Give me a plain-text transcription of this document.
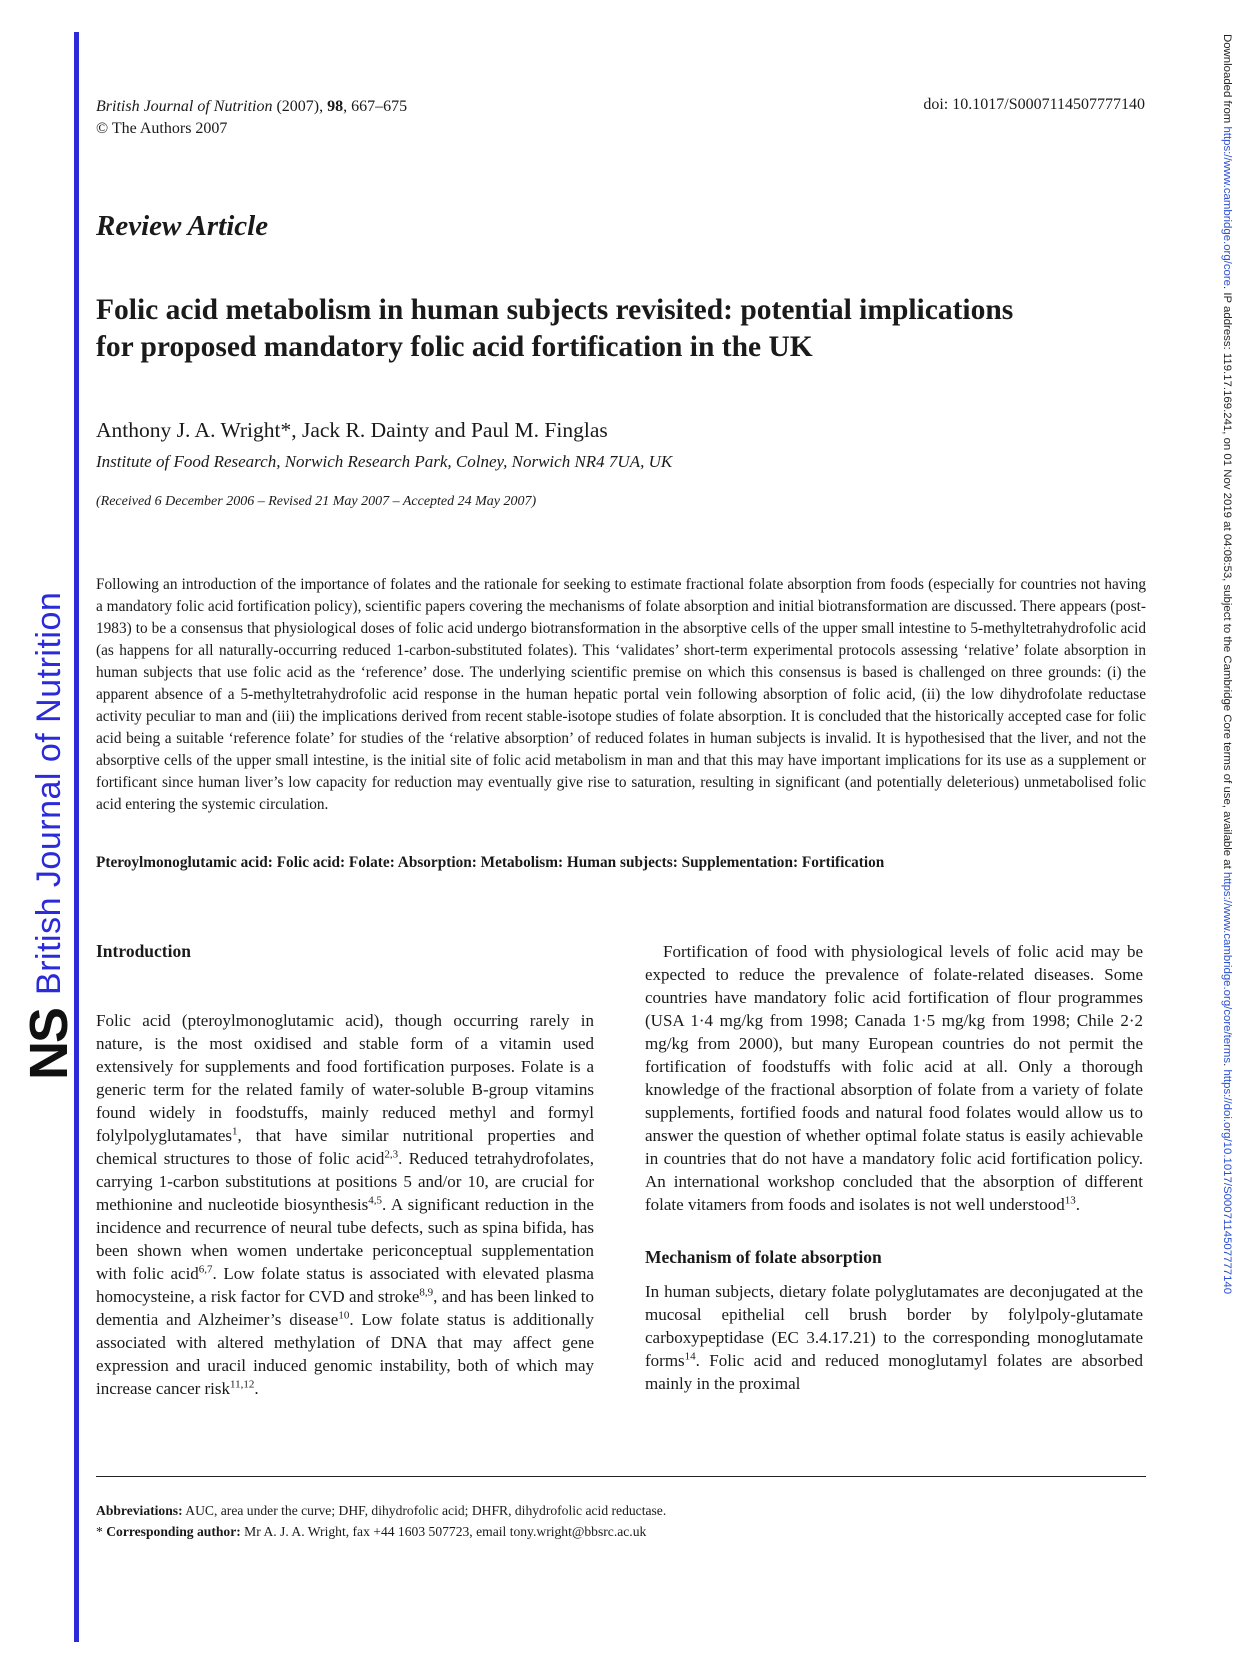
NS
British Journal of Nutrition
Downloaded from https://www.cambridge.org/core. IP address: 119.17.169.241, on 01 Nov 2019 at 04:08:53, subject to the Cambridge Core terms of use, available at https://www.cambridge.org/core/terms. https://doi.org/10.1017/S0007114507777140
British Journal of Nutrition (2007), 98, 667–675
© The Authors 2007
doi: 10.1017/S0007114507777140
Review Article
Folic acid metabolism in human subjects revisited: potential implications
for proposed mandatory folic acid fortification in the UK
Anthony J. A. Wright*, Jack R. Dainty and Paul M. Finglas
Institute of Food Research, Norwich Research Park, Colney, Norwich NR4 7UA, UK
(Received 6 December 2006 – Revised 21 May 2007 – Accepted 24 May 2007)
Following an introduction of the importance of folates and the rationale for seeking to estimate fractional folate absorption from foods (especially for countries not having a mandatory folic acid fortification policy), scientific papers covering the mechanisms of folate absorption and initial biotransformation are discussed. There appears (post-1983) to be a consensus that physiological doses of folic acid undergo biotransformation in the absorptive cells of the upper small intestine to 5-methyltetrahydrofolic acid (as happens for all naturally-occurring reduced 1-carbon-substituted folates). This ‘validates’ short-term experimental protocols assessing ‘relative’ folate absorption in human subjects that use folic acid as the ‘reference’ dose. The underlying scientific premise on which this consensus is based is challenged on three grounds: (i) the apparent absence of a 5-methyltetrahydrofolic acid response in the human hepatic portal vein following absorption of folic acid, (ii) the low dihydrofolate reductase activity peculiar to man and (iii) the implications derived from recent stable-isotope studies of folate absorption. It is concluded that the historically accepted case for folic acid being a suitable ‘reference folate’ for studies of the ‘relative absorption’ of reduced folates in human subjects is invalid. It is hypothesised that the liver, and not the absorptive cells of the upper small intestine, is the initial site of folic acid metabolism in man and that this may have important implications for its use as a supplement or fortificant since human liver’s low capacity for reduction may eventually give rise to saturation, resulting in significant (and potentially deleterious) unmetabolised folic acid entering the systemic circulation.
Pteroylmonoglutamic acid: Folic acid: Folate: Absorption: Metabolism: Human subjects: Supplementation: Fortification
Introduction

Folic acid (pteroylmonoglutamic acid), though occurring rarely in nature, is the most oxidised and stable form of a vitamin used extensively for supplements and food fortification purposes. Folate is a generic term for the related family of water-soluble B-group vitamins found widely in foodstuffs, mainly reduced methyl and formyl folylpolyglutamates$^1$, that have similar nutritional properties and chemical structures to those of folic acid$^{2,3}$. Reduced tetrahydrofolates, carrying 1-carbon substitutions at positions 5 and/or 10, are crucial for methionine and nucleotide biosynthesis$^{4,5}$. A significant reduction in the incidence and recurrence of neural tube defects, such as spina bifida, has been shown when women undertake periconceptual supplementation with folic acid$^{6,7}$. Low folate status is associated with elevated plasma homocysteine, a risk factor for CVD and stroke$^{8,9}$, and has been linked to dementia and Alzheimer’s disease$^{10}$. Low folate status is additionally associated with altered methylation of DNA that may affect gene expression and uracil induced genomic instability, both of which may increase cancer risk$^{11,12}$.

Fortification of food with physiological levels of folic acid may be expected to reduce the prevalence of folate-related diseases. Some countries have mandatory folic acid fortification of flour programmes (USA 1·4 mg/kg from 1998; Canada 1·5 mg/kg from 1998; Chile 2·2 mg/kg from 2000), but many European countries do not permit the fortification of foodstuffs with folic acid at all. Only a thorough knowledge of the fractional absorption of folate from a variety of folate supplements, fortified foods and natural food folates would allow us to answer the question of whether optimal folate status is easily achievable in countries that do not have a mandatory folic acid fortification policy. An international workshop concluded that the absorption of different folate vitamers from foods and isolates is not well understood$^{13}$.

Mechanism of folate absorption

In human subjects, dietary folate polyglutamates are deconjugated at the mucosal epithelial cell brush border by folylpoly-glutamate carboxypeptidase (EC 3.4.17.21) to the corresponding monoglutamate forms$^{14}$. Folic acid and reduced monoglutamyl folates are absorbed mainly in the proximal

Abbreviations: AUC, area under the curve; DHF, dihydrofolic acid; DHFR, dihydrofolic acid reductase.
* Corresponding author: Mr A. J. A. Wright, fax +44 1603 507723, email tony.wright@bbsrc.ac.uk
